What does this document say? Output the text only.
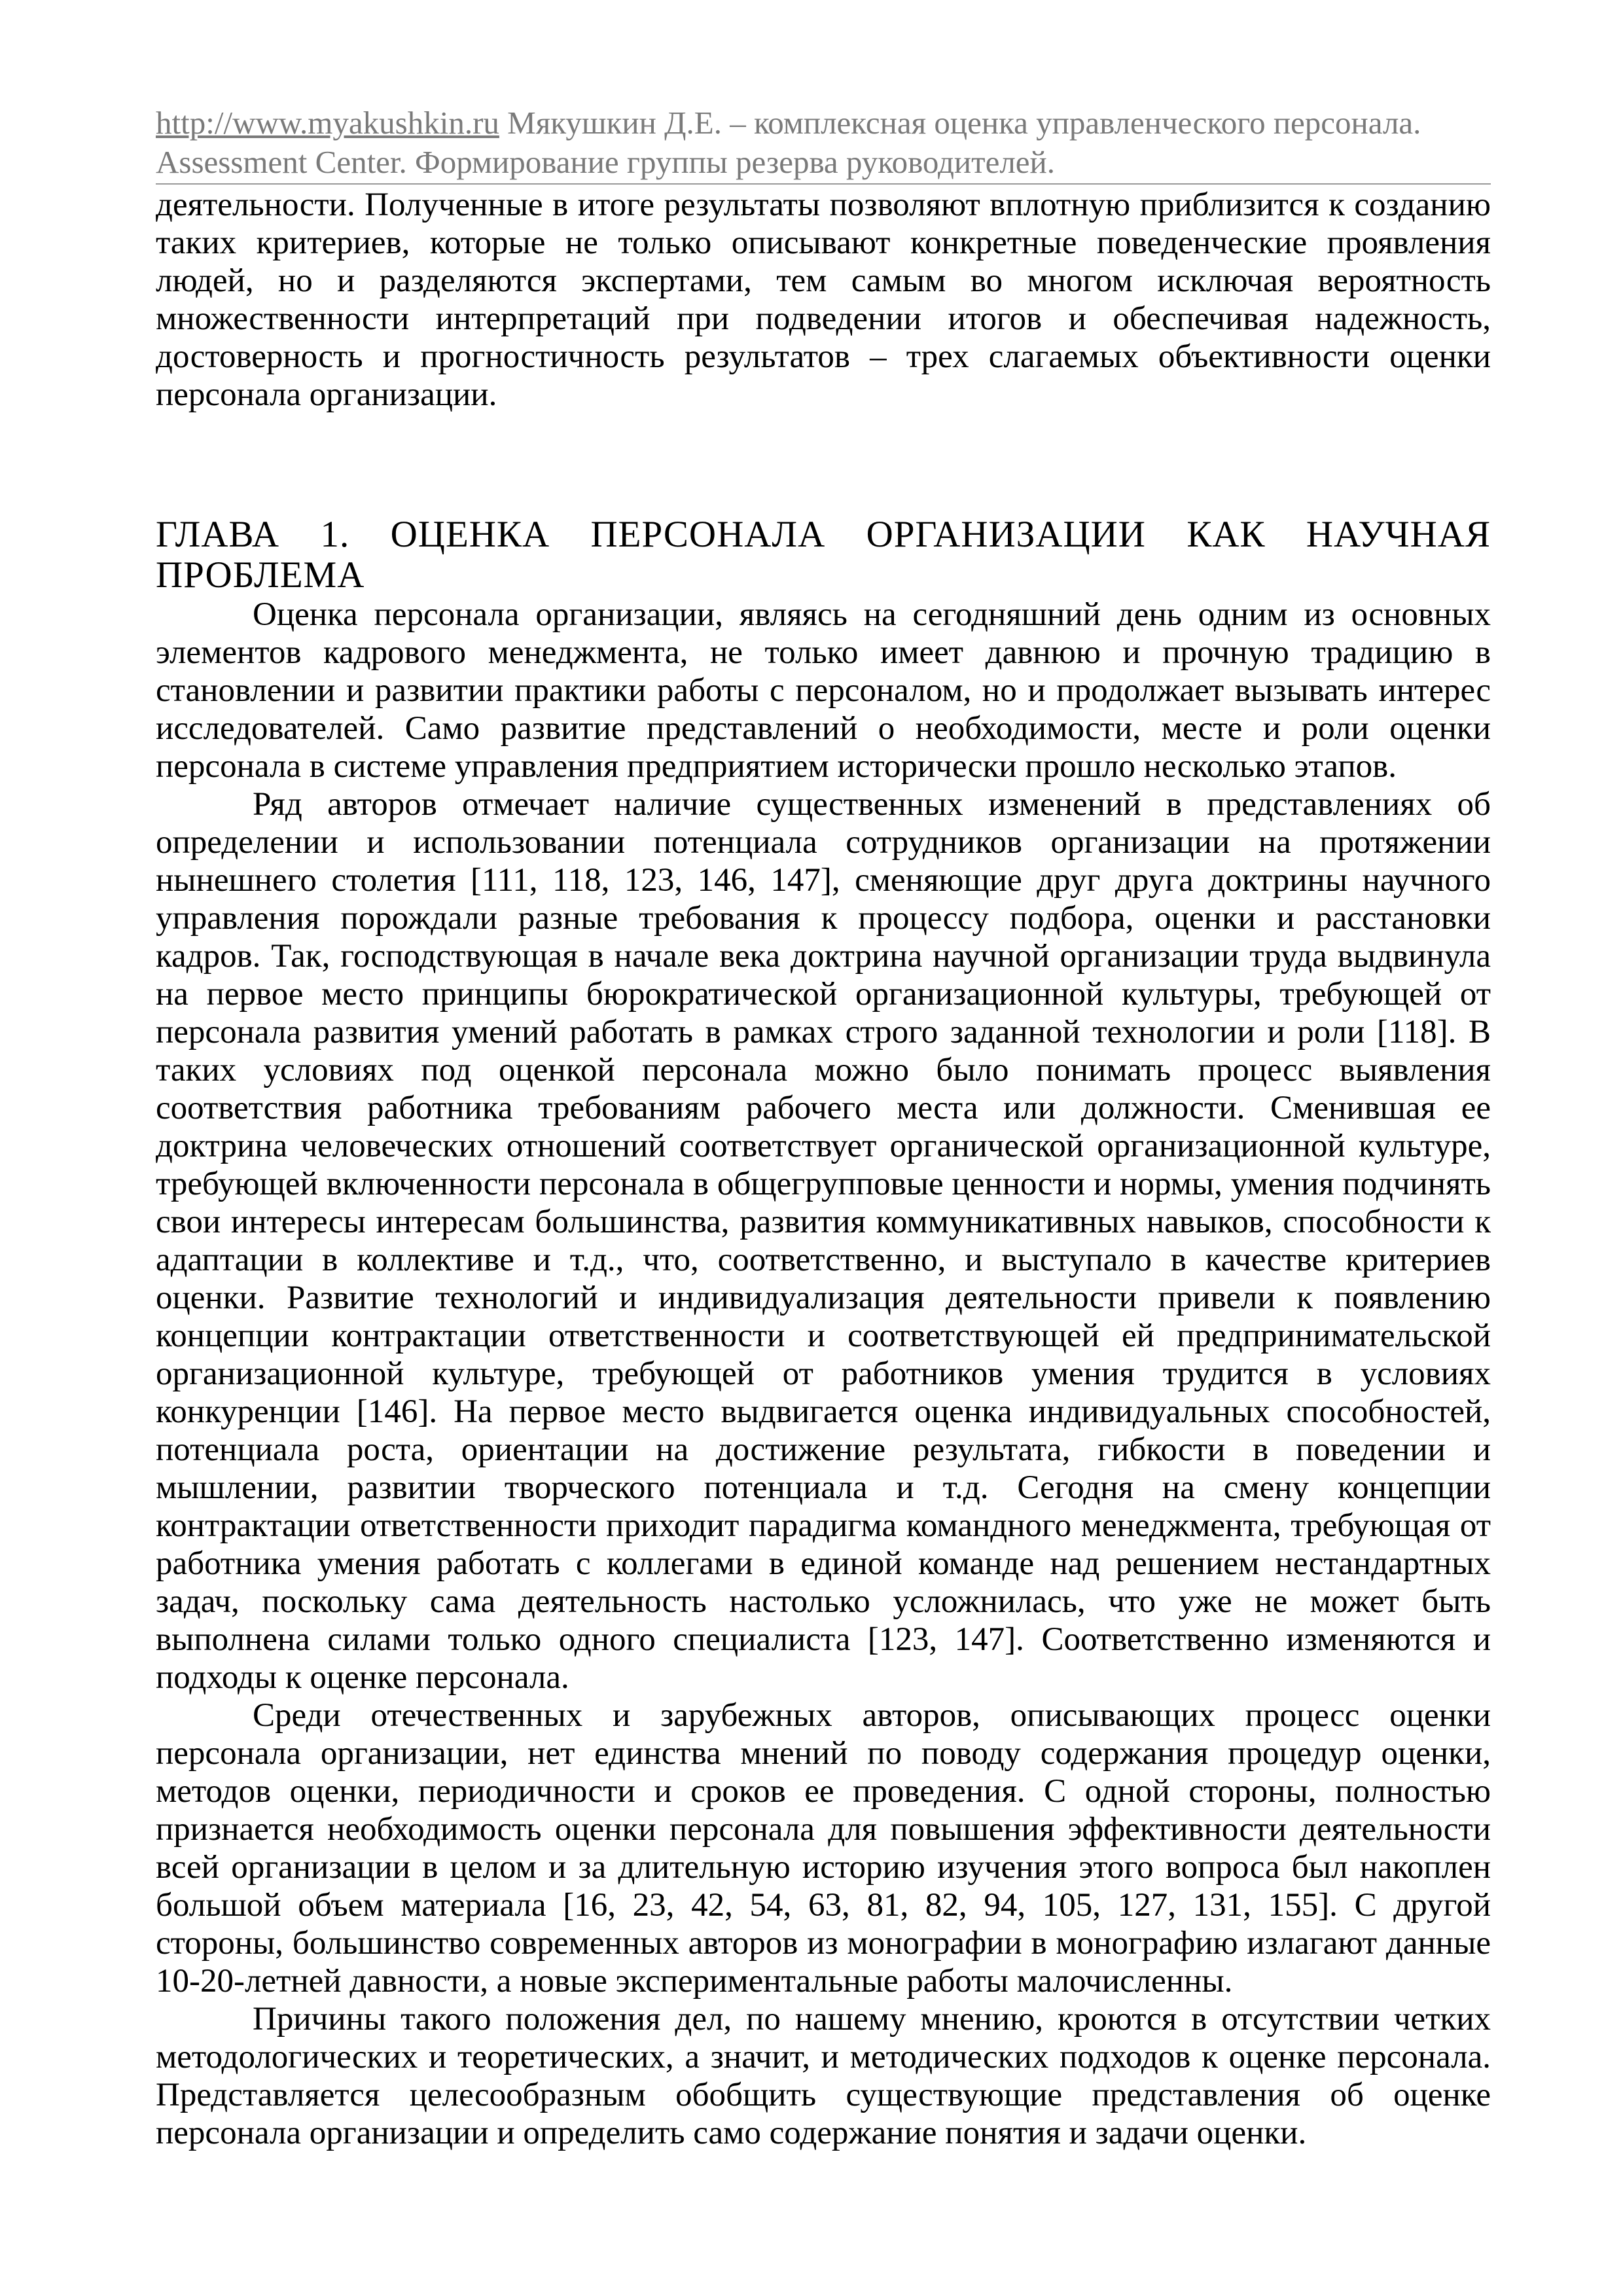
http://www.myakushkin.ru Мякушкин Д.Е. – комплексная оценка управленческого персонала.
Assessment Center. Формирование группы резерва руководителей.

деятельности. Полученные в итоге результаты позволяют вплотную приблизится к созданию таких критериев, которые не только описывают конкретные поведенческие проявления людей, но и разделяются экспертами, тем самым во многом исключая вероятность множественности интерпретаций при подведении итогов и обеспечивая надежность, достоверность и прогностичность результатов – трех слагаемых объективности оценки персонала организации.

ГЛАВА 1. ОЦЕНКА ПЕРСОНАЛА ОРГАНИЗАЦИИ КАК НАУЧНАЯ ПРОБЛЕМА

Оценка персонала организации, являясь на сегодняшний день одним из основных элементов кадрового менеджмента, не только имеет давнюю и прочную традицию в становлении и развитии практики работы с персоналом, но и продолжает вызывать интерес исследователей. Само развитие представлений о необходимости, месте и роли оценки персонала в системе управления предприятием исторически прошло несколько этапов.

Ряд авторов отмечает наличие существенных изменений в представлениях об определении и использовании потенциала сотрудников организации на протяжении нынешнего столетия [111, 118, 123, 146, 147], сменяющие друг друга доктрины научного управления порождали разные требования к процессу подбора, оценки и расстановки кадров. Так, господствующая в начале века доктрина научной организации труда выдвинула на первое место принципы бюрократической организационной культуры, требующей от персонала развития умений работать в рамках строго заданной технологии и роли [118]. В таких условиях под оценкой персонала можно было понимать процесс выявления соответствия работника требованиям рабочего места или должности. Сменившая ее доктрина человеческих отношений соответствует органической организационной культуре, требующей включенности персонала в общегрупповые ценности и нормы, умения подчинять свои интересы интересам большинства, развития коммуникативных навыков, способности к адаптации в коллективе и т.д., что, соответственно, и выступало в качестве критериев оценки. Развитие технологий и индивидуализация деятельности привели к появлению концепции контрактации ответственности и соответствующей ей предпринимательской организационной культуре, требующей от работников умения трудится в условиях конкуренции [146]. На первое место выдвигается оценка индивидуальных способностей, потенциала роста, ориентации на достижение результата, гибкости в поведении и мышлении, развитии творческого потенциала и т.д. Сегодня на смену концепции контрактации ответственности приходит парадигма командного менеджмента, требующая от работника умения работать с коллегами в единой команде над решением нестандартных задач, поскольку сама деятельность настолько усложнилась, что уже не может быть выполнена силами только одного специалиста [123, 147]. Соответственно изменяются и подходы к оценке персонала.

Среди отечественных и зарубежных авторов, описывающих процесс оценки персонала организации, нет единства мнений по поводу содержания процедур оценки, методов оценки, периодичности и сроков ее проведения. С одной стороны, полностью признается необходимость оценки персонала для повышения эффективности деятельности всей организации в целом и за длительную историю изучения этого вопроса был накоплен большой объем материала [16, 23, 42, 54, 63, 81, 82, 94, 105, 127, 131, 155]. С другой стороны, большинство современных авторов из монографии в монографию излагают данные 10-20-летней давности, а новые экспериментальные работы малочисленны.

Причины такого положения дел, по нашему мнению, кроются в отсутствии четких методологических и теоретических, а значит, и методических подходов к оценке персонала. Представляется целесообразным обобщить существующие представления об оценке персонала организации и определить само содержание понятия и задачи оценки.
